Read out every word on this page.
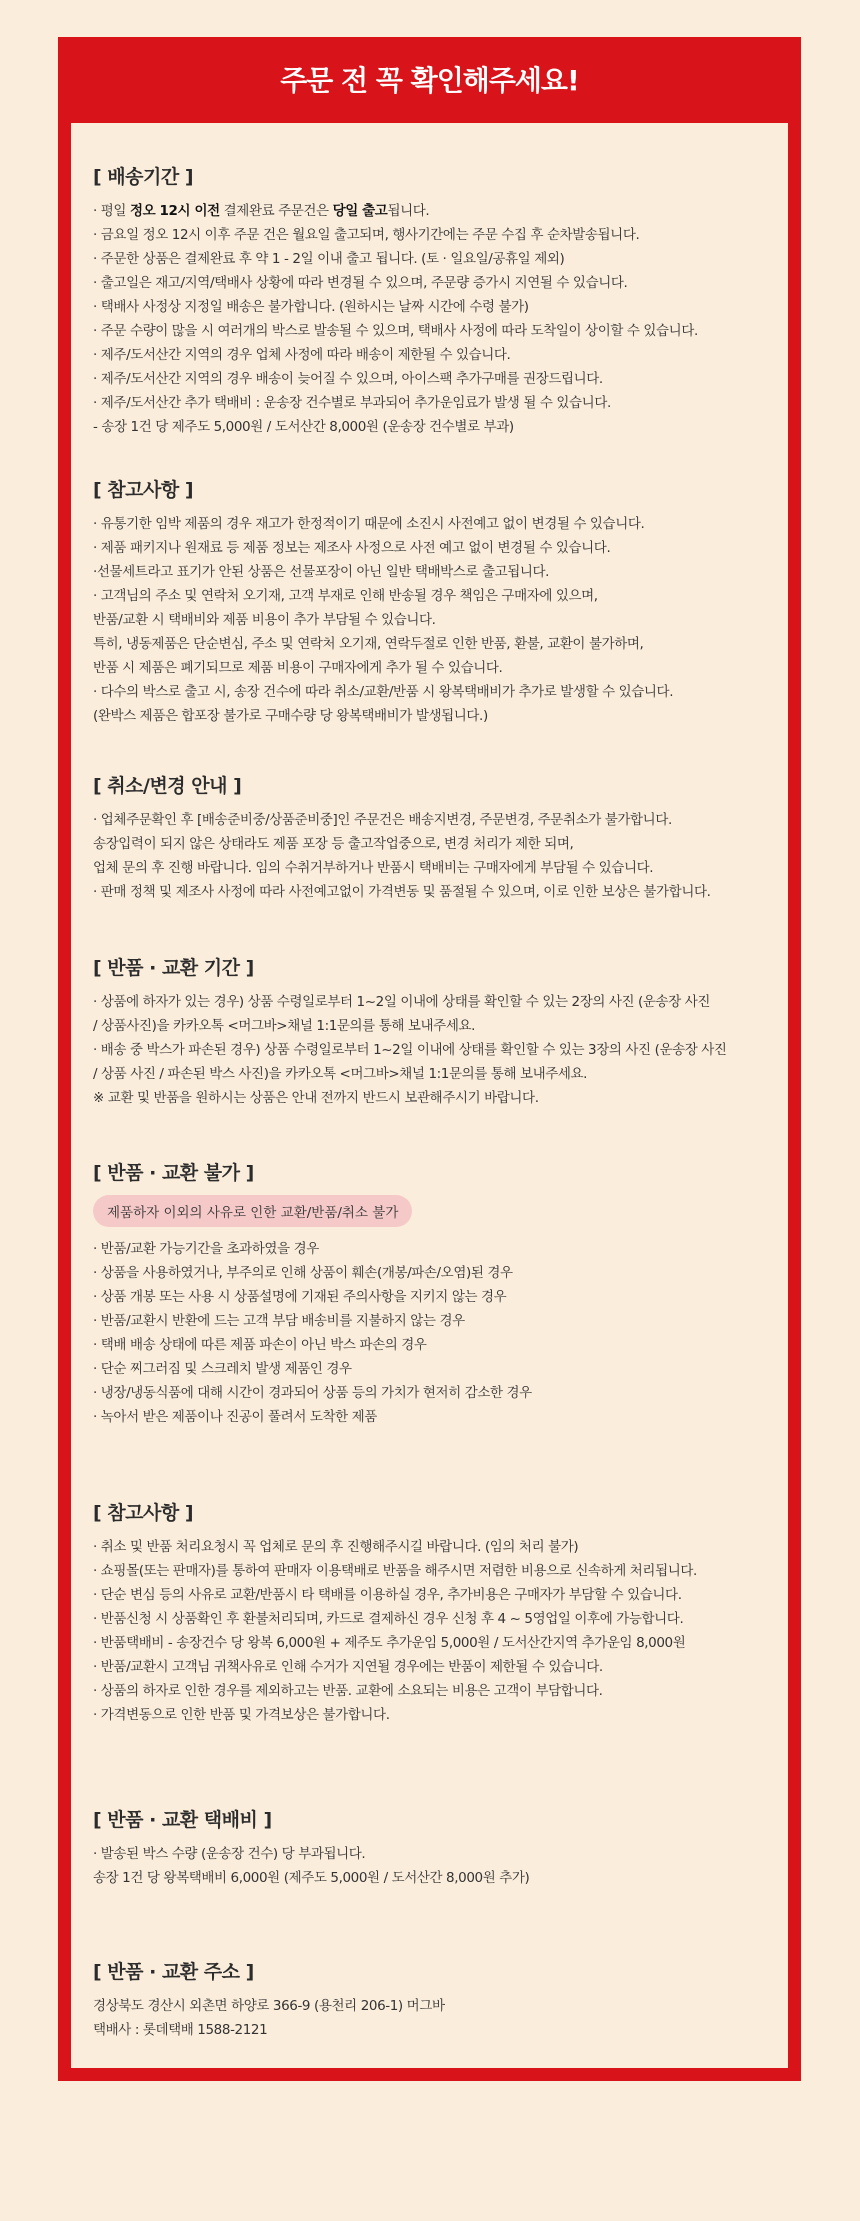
주문 전 꼭 확인해주세요!
[ 배송기간 ]
· 평일 정오 12시 이전 결제완료 주문건은 당일 출고됩니다.
· 금요일 정오 12시 이후 주문 건은 월요일 출고되며, 행사기간에는 주문 수집 후 순차발송됩니다.
· 주문한 상품은 결제완료 후 약 1 - 2일 이내 출고 됩니다. (토 · 일요일/공휴일 제외)
· 출고일은 재고/지역/택배사 상황에 따라 변경될 수 있으며, 주문량 증가시 지연될 수 있습니다.
· 택배사 사정상 지정일 배송은 불가합니다. (원하시는 날짜 시간에 수령 불가)
· 주문 수량이 많을 시 여러개의 박스로 발송될 수 있으며, 택배사 사정에 따라 도착일이 상이할 수 있습니다.
· 제주/도서산간 지역의 경우 업체 사정에 따라 배송이 제한될 수 있습니다.
· 제주/도서산간 지역의 경우 배송이 늦어질 수 있으며, 아이스팩 추가구매를 권장드립니다.
· 제주/도서산간 추가 택배비 : 운송장 건수별로 부과되어 추가운임료가 발생 될 수 있습니다.
- 송장 1건 당 제주도 5,000원 / 도서산간 8,000원 (운송장 건수별로 부과)
[ 참고사항 ]
· 유통기한 임박 제품의 경우 재고가 한정적이기 때문에 소진시 사전예고 없이 변경될 수 있습니다.
· 제품 패키지나 원재료 등 제품 정보는 제조사 사정으로 사전 예고 없이 변경될 수 있습니다.
·선물세트라고 표기가 안된 상품은 선물포장이 아닌 일반 택배박스로 출고됩니다.
· 고객님의 주소 및 연락처 오기재, 고객 부재로 인해 반송될 경우 책임은 구매자에 있으며,
반품/교환 시 택배비와 제품 비용이 추가 부담될 수 있습니다.
특히, 냉동제품은 단순변심, 주소 및 연락처 오기재, 연락두절로 인한 반품, 환불, 교환이 불가하며,
반품 시 제품은 폐기되므로 제품 비용이 구매자에게 추가 될 수 있습니다.
· 다수의 박스로 출고 시, 송장 건수에 따라 취소/교환/반품 시 왕복택배비가 추가로 발생할 수 있습니다.
(완박스 제품은 합포장 불가로 구매수량 당 왕복택배비가 발생됩니다.)
[ 취소/변경 안내 ]
· 업체주문확인 후 [배송준비중/상품준비중]인 주문건은 배송지변경, 주문변경, 주문취소가 불가합니다.
송장입력이 되지 않은 상태라도 제품 포장 등 출고작업중으로, 변경 처리가 제한 되며,
업체 문의 후 진행 바랍니다. 임의 수취거부하거나 반품시 택배비는 구매자에게 부담될 수 있습니다.
· 판매 정책 및 제조사 사정에 따라 사전예고없이 가격변동 및 품절될 수 있으며, 이로 인한 보상은 불가합니다.
[ 반품 · 교환 기간 ]
· 상품에 하자가 있는 경우) 상품 수령일로부터 1~2일 이내에 상태를 확인할 수 있는 2장의 사진 (운송장 사진
/ 상품사진)을 카카오톡 <머그바>채널 1:1문의를 통해 보내주세요.
· 배송 중 박스가 파손된 경우) 상품 수령일로부터 1~2일 이내에 상태를 확인할 수 있는 3장의 사진 (운송장 사진
/ 상품 사진 / 파손된 박스 사진)을 카카오톡 <머그바>채널 1:1문의를 통해 보내주세요.
※ 교환 및 반품을 원하시는 상품은 안내 전까지 반드시 보관해주시기 바랍니다.
[ 반품 · 교환 불가 ]
제품하자 이외의 사유로 인한 교환/반품/취소 불가
· 반품/교환 가능기간을 초과하였을 경우
· 상품을 사용하였거나, 부주의로 인해 상품이 훼손(개봉/파손/오염)된 경우
· 상품 개봉 또는 사용 시 상품설명에 기재된 주의사항을 지키지 않는 경우
· 반품/교환시 반환에 드는 고객 부담 배송비를 지불하지 않는 경우
· 택배 배송 상태에 따른 제품 파손이 아닌 박스 파손의 경우
· 단순 찌그러짐 및 스크레치 발생 제품인 경우
· 냉장/냉동식품에 대해 시간이 경과되어 상품 등의 가치가 현저히 감소한 경우
· 녹아서 받은 제품이나 진공이 풀려서 도착한 제품
[ 참고사항 ]
· 취소 및 반품 처리요청시 꼭 업체로 문의 후 진행해주시길 바랍니다. (임의 처리 불가)
· 쇼핑몰(또는 판매자)를 통하여 판매자 이용택배로 반품을 해주시면 저렴한 비용으로 신속하게 처리됩니다.
· 단순 변심 등의 사유로 교환/반품시 타 택배를 이용하실 경우, 추가비용은 구매자가 부담할 수 있습니다.
· 반품신청 시 상품확인 후 환불처리되며, 카드로 결제하신 경우 신청 후 4 ~ 5영업일 이후에 가능합니다.
· 반품택배비 - 송장건수 당 왕복 6,000원 + 제주도 추가운임 5,000원 / 도서산간지역 추가운임 8,000원
· 반품/교환시 고객님 귀책사유로 인해 수거가 지연될 경우에는 반품이 제한될 수 있습니다.
· 상품의 하자로 인한 경우를 제외하고는 반품. 교환에 소요되는 비용은 고객이 부담합니다.
· 가격변동으로 인한 반품 및 가격보상은 불가합니다.
[ 반품 · 교환 택배비 ]
· 발송된 박스 수량 (운송장 건수) 당 부과됩니다.
송장 1건 당 왕복택배비 6,000원 (제주도 5,000원 / 도서산간 8,000원 추가)
[ 반품 · 교환 주소 ]
경상북도 경산시 외촌면 하양로 366-9 (용천리 206-1) 머그바
택배사 : 롯데택배 1588-2121
